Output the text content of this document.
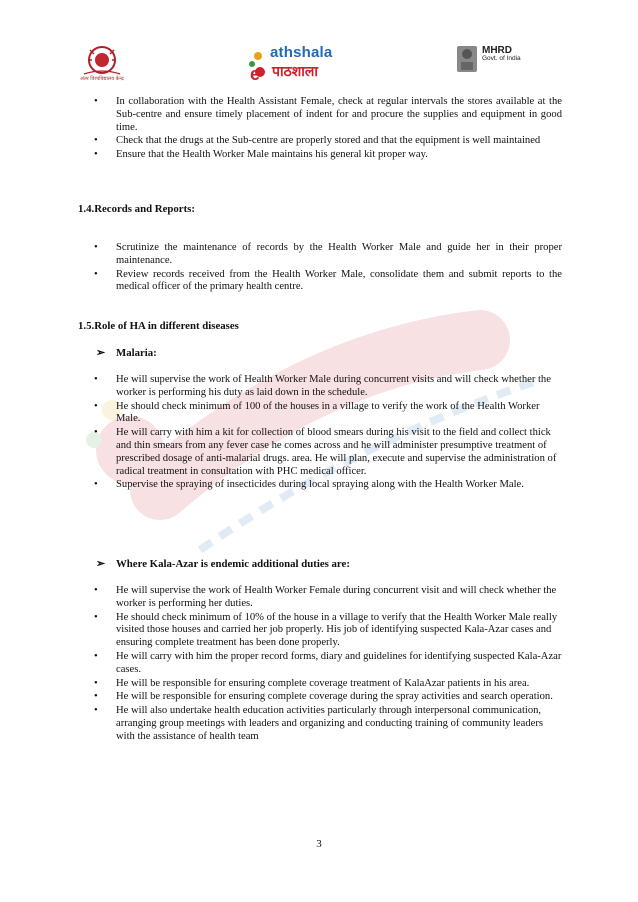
अंतर विश्वविद्यालय केन्द्र	e
athshala
पाठशाला
MHRD
Govt. of India
• In collaboration with the Health Assistant Female, check at regular intervals the stores available at the Sub-centre and ensure timely placement of indent for and procure the supplies and equipment in good time.
• Check that the drugs at the Sub-centre are properly stored and that the equipment is well maintained
• Ensure that the Health Worker Male maintains his general kit proper way.
1.4.Records and Reports:
• Scrutinize the maintenance of records by the Health Worker Male and guide her in their proper maintenance.
• Review records received from the Health Worker Male, consolidate them and submit reports to the medical officer of the primary health centre.
1.5.Role of HA in different diseases
➢ Malaria:
• He will supervise the work of Health Worker Male during concurrent visits and will check whether the worker is performing his duty as laid down in the schedule.
• He should check minimum of 100 of the houses in a village to verify the work of the Health Worker Male.
• He will carry with him a kit for collection of blood smears during his visit to the field and collect thick and thin smears from any fever case he comes across and he will administer presumptive treatment of prescribed dosage of anti-malarial drugs. area. He will plan, execute and supervise the administration of radical treatment in consultation with PHC medical officer.
• Supervise the spraying of insecticides during local spraying along with the Health Worker Male.
➢ Where Kala-Azar is endemic additional duties are:
• He will supervise the work of Health Worker Female during concurrent visit and will check whether the worker is performing her duties.
• He should check minimum of 10% of the house in a village to verify that the Health Worker Male really visited those houses and carried her job properly. His job of identifying suspected Kala-Azar cases and ensuring complete treatment has been done properly.
• He will carry with him the proper record forms, diary and guidelines for identifying suspected Kala-Azar cases.
• He will be responsible for ensuring complete coverage treatment of KalaAzar patients in his area.
• He will be responsible for ensuring complete coverage during the spray activities and search operation.
• He will also undertake health education activities particularly through interpersonal communication, arranging group meetings with leaders and organizing and conducting training of community leaders with the assistance of health team
3
